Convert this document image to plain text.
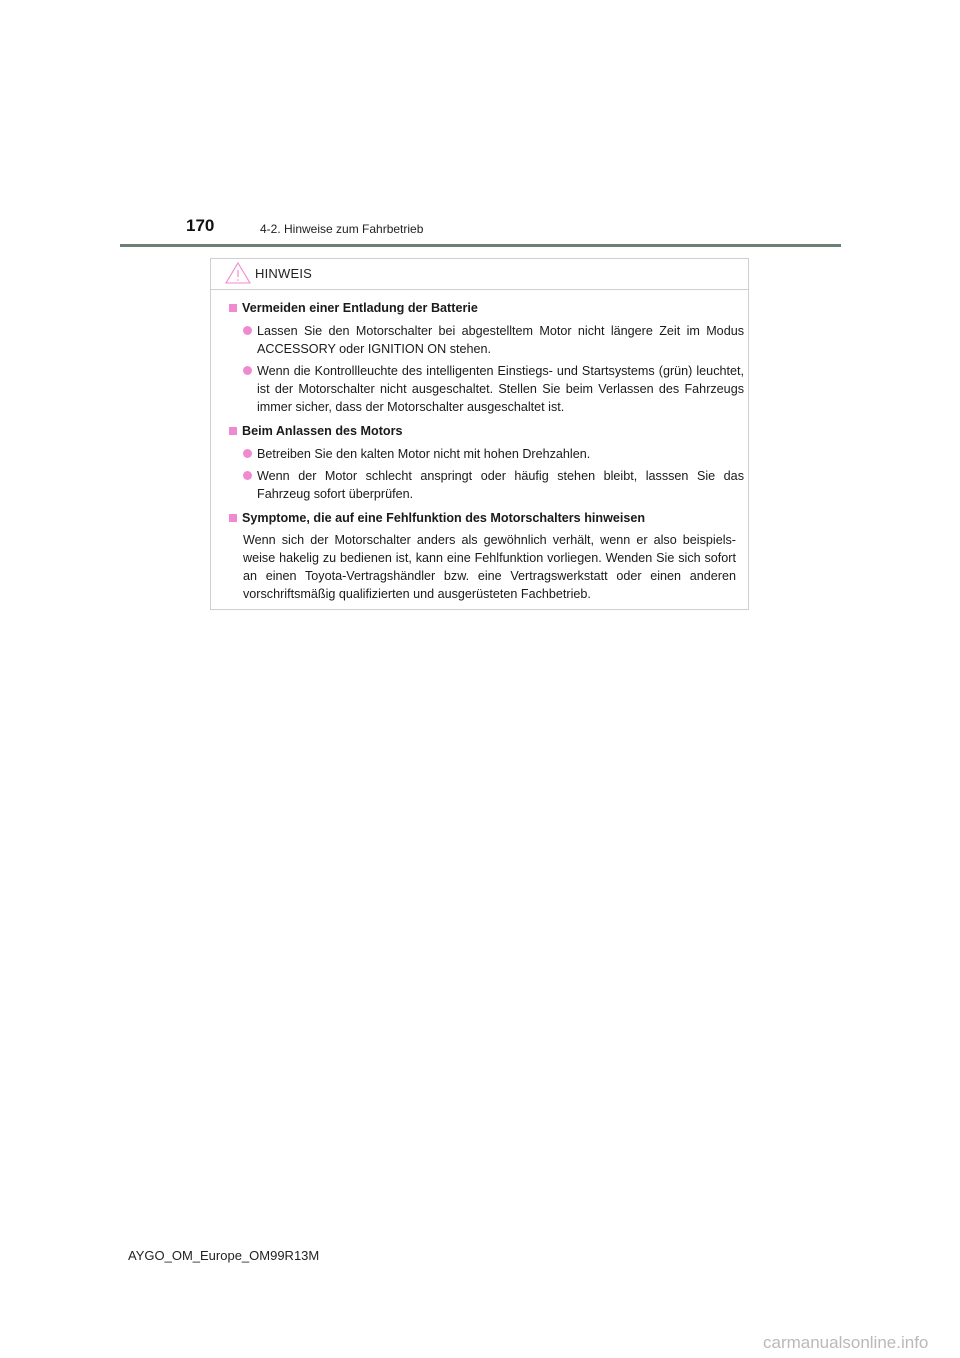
170	4-2. Hinweise zum Fahrbetrieb
HINWEIS
Vermeiden einer Entladung der Batterie
Lassen Sie den Motorschalter bei abgestelltem Motor nicht längere Zeit im Modus ACCESSORY oder IGNITION ON stehen.
Wenn die Kontrollleuchte des intelligenten Einstiegs- und Startsystems (grün) leuchtet, ist der Motorschalter nicht ausgeschaltet. Stellen Sie beim Verlassen des Fahrzeugs immer sicher, dass der Motorschalter ausgeschaltet ist.
Beim Anlassen des Motors
Betreiben Sie den kalten Motor nicht mit hohen Drehzahlen.
Wenn der Motor schlecht anspringt oder häufig stehen bleibt, lasssen Sie das Fahrzeug sofort überprüfen.
Symptome, die auf eine Fehlfunktion des Motorschalters hinweisen
Wenn sich der Motorschalter anders als gewöhnlich verhält, wenn er also beispiels-weise hakelig zu bedienen ist, kann eine Fehlfunktion vorliegen. Wenden Sie sich sofort an einen Toyota-Vertragshändler bzw. eine Vertragswerkstatt oder einen anderen vorschriftsmäßig qualifizierten und ausgerüsteten Fachbetrieb.
AYGO_OM_Europe_OM99R13M
carmanualsonline.info
